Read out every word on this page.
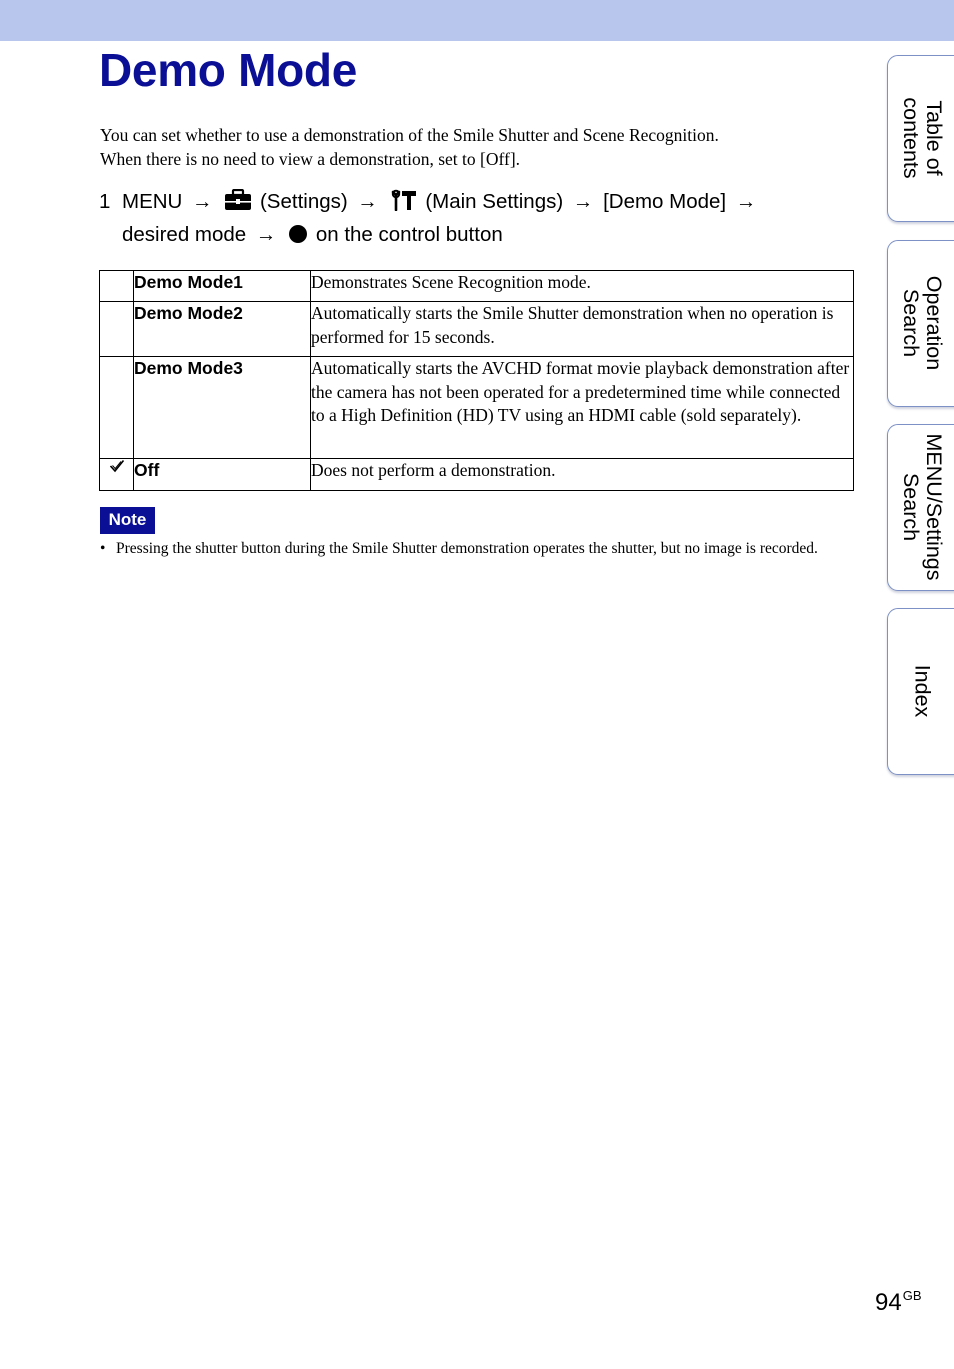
Demo Mode

You can set whether to use a demonstration of the Smile Shutter and Scene Recognition.

When there is no need to view a demonstration, set to [Off].

1 MENU → (Settings) → (Main Settings) → [Demo Mode] →
desired mode → on the control button
	Demo Mode1	Demonstrates Scene Recognition mode.
	Demo Mode2	Automatically starts the Smile Shutter demonstration when no operation is performed for 15 seconds.
	Demo Mode3	Automatically starts the AVCHD format movie playback demonstration after the camera has not been operated for a predetermined time while connected to a High Definition (HD) TV using an HDMI cable (sold separately).
	Off	Does not perform a demonstration.
Note
• Pressing the shutter button during the Smile Shutter demonstration operates the shutter, but no image is recorded.
Table of
contents
Operation
Search
MENU/Settings
Search
Index
$94^{GB}$
